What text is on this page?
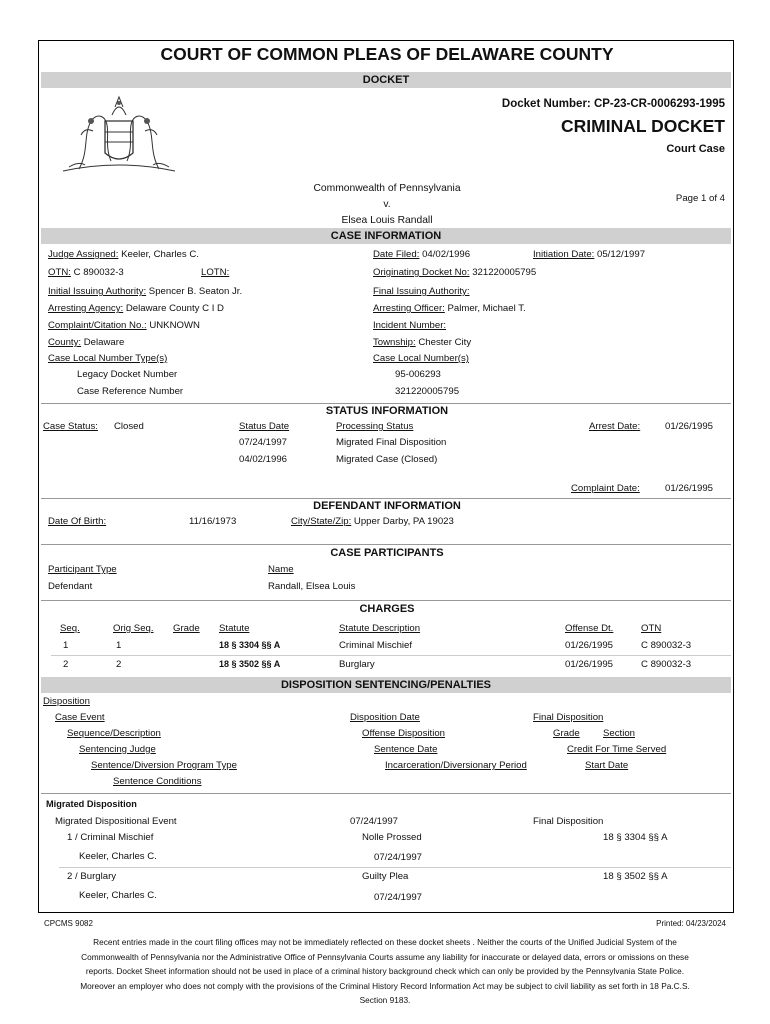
COURT OF COMMON PLEAS OF DELAWARE COUNTY
DOCKET
Docket Number: CP-23-CR-0006293-1995
CRIMINAL DOCKET
Court Case
Commonwealth of Pennsylvania
v.
Elsea Louis Randall
Page 1 of 4
CASE INFORMATION
Judge Assigned: Keeler, Charles C.	Date Filed: 04/02/1996	Initiation Date: 05/12/1997
OTN: C 890032-3	LOTN:	Originating Docket No: 321220005795
Initial Issuing Authority: Spencer B. Seaton Jr.	Final Issuing Authority:
Arresting Agency: Delaware County C I D	Arresting Officer: Palmer, Michael T.
Complaint/Citation No.: UNKNOWN	Incident Number:
County: Delaware	Township: Chester City
Case Local Number Type(s)	Case Local Number(s)
Legacy Docket Number	95-006293
Case Reference Number	321220005795
STATUS INFORMATION
Case Status: Closed	Status Date	Processing Status	Arrest Date:	01/26/1995
07/24/1997	Migrated Final Disposition
04/02/1996	Migrated Case (Closed)
Complaint Date:	01/26/1995
DEFENDANT INFORMATION
Date Of Birth:	11/16/1973	City/State/Zip: Upper Darby, PA 19023
CASE PARTICIPANTS
Participant Type	Name
Defendant	Randall, Elsea Louis
CHARGES
Seq.	Orig Seq. Grade Statute	Statute Description	Offense Dt.	OTN
1	1	18 § 3304 §§ A	Criminal Mischief	01/26/1995	C 890032-3
2	2	18 § 3502 §§ A	Burglary	01/26/1995	C 890032-3
DISPOSITION SENTENCING/PENALTIES
Disposition
Case Event
Sequence/Description
Sentencing Judge
Sentence/Diversion Program Type
Sentence Conditions
Disposition Date
Offense Disposition
Sentence Date
Incarceration/Diversionary Period
Final Disposition
Grade Section
Credit For Time Served
Start Date
Migrated Disposition
Migrated Dispositional Event	07/24/1997	Final Disposition
1 / Criminal Mischief	Nolle Prossed	18 § 3304 §§ A
Keeler, Charles C.	07/24/1997
2 / Burglary	Guilty Plea	18 § 3502 §§ A
Keeler, Charles C.	07/24/1997
CPCMS 9082	Printed: 04/23/2024
Recent entries made in the court filing offices may not be immediately reflected on these docket sheets . Neither the courts of the Unified Judicial System of the Commonwealth of Pennsylvania nor the Administrative Office of Pennsylvania Courts assume any liability for inaccurate or delayed data, errors or omissions on these reports. Docket Sheet information should not be used in place of a criminal history background check which can only be provided by the Pennsylvania State Police. Moreover an employer who does not comply with the provisions of the Criminal History Record Information Act may be subject to civil liability as set forth in 18 Pa.C.S. Section 9183.
